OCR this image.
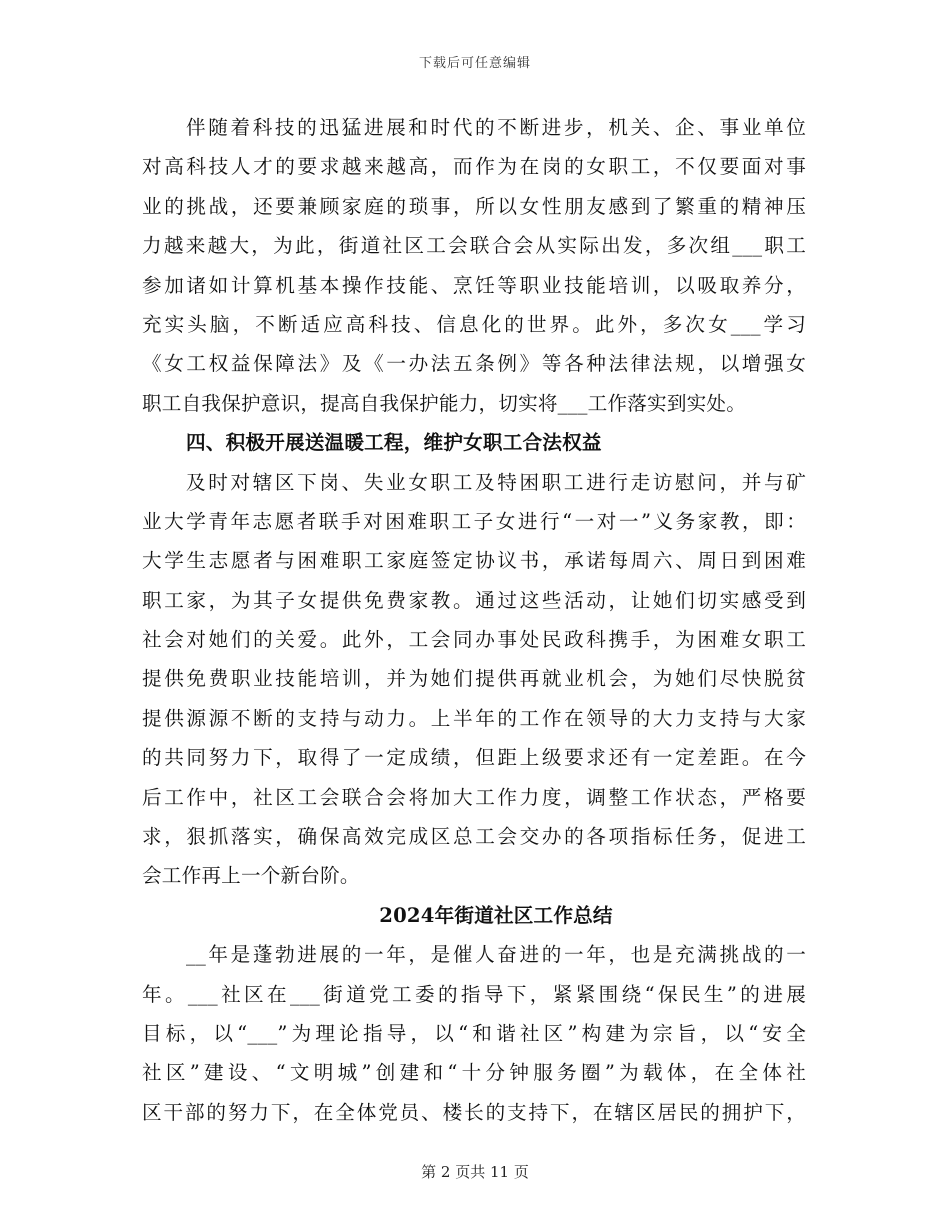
下载后可任意编辑
伴随着科技的迅猛进展和时代的不断进步，机关、企、事业单位
对高科技人才的要求越来越高，而作为在岗的女职工，不仅要面对事
业的挑战，还要兼顾家庭的琐事，所以女性朋友感到了繁重的精神压
力越来越大，为此，街道社区工会联合会从实际出发，多次组___职工
参加诸如计算机基本操作技能、烹饪等职业技能培训，以吸取养分，
充实头脑，不断适应高科技、信息化的世界。此外，多次女___学习
《女工权益保障法》及《一办法五条例》等各种法律法规，以增强女
职工自我保护意识，提高自我保护能力，切实将___工作落实到实处。
四、积极开展送温暖工程，维护女职工合法权益
及时对辖区下岗、失业女职工及特困职工进行走访慰问，并与矿
业大学青年志愿者联手对困难职工子女进行“一对一”义务家教，即：
大学生志愿者与困难职工家庭签定协议书，承诺每周六、周日到困难
职工家，为其子女提供免费家教。通过这些活动，让她们切实感受到
社会对她们的关爱。此外，工会同办事处民政科携手，为困难女职工
提供免费职业技能培训，并为她们提供再就业机会，为她们尽快脱贫
提供源源不断的支持与动力。上半年的工作在领导的大力支持与大家
的共同努力下，取得了一定成绩，但距上级要求还有一定差距。在今
后工作中，社区工会联合会将加大工作力度，调整工作状态，严格要
求，狠抓落实，确保高效完成区总工会交办的各项指标任务，促进工
会工作再上一个新台阶。
2024年街道社区工作总结
__年是蓬勃进展的一年，是催人奋进的一年，也是充满挑战的一
年。___社区在___街道党工委的指导下，紧紧围绕“保民生”的进展
目标，以“___”为理论指导，以“和谐社区”构建为宗旨，以“安全
社区”建设、“文明城”创建和“十分钟服务圈”为载体，在全体社
区干部的努力下，在全体党员、楼长的支持下，在辖区居民的拥护下，
第 2 页共 11 页
